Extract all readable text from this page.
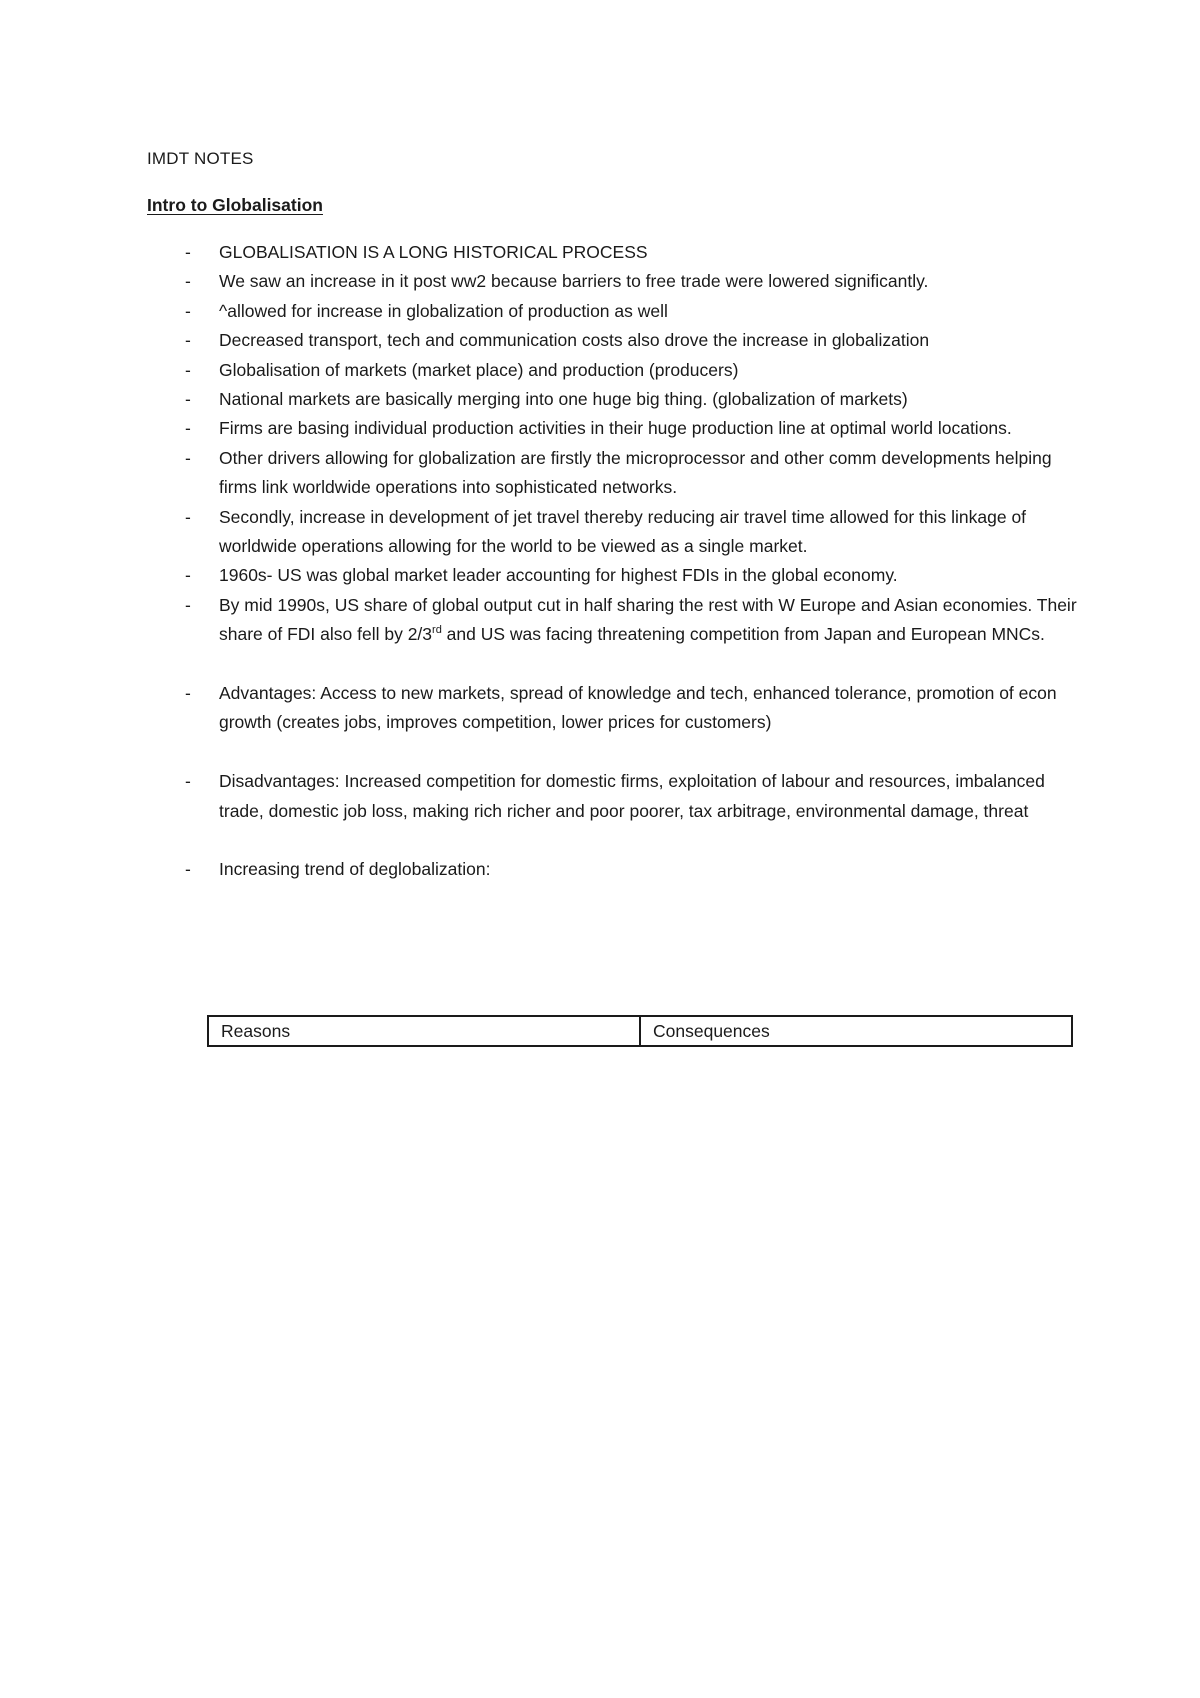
IMDT NOTES
Intro to Globalisation
- GLOBALISATION IS A LONG HISTORICAL PROCESS
- We saw an increase in it post ww2 because barriers to free trade were lowered significantly.
- ^allowed for increase in globalization of production as well
- Decreased transport, tech and communication costs also drove the increase in globalization
- Globalisation of markets (market place) and production (producers)
- National markets are basically merging into one huge big thing. (globalization of markets)
- Firms are basing individual production activities in their huge production line at optimal world locations.
- Other drivers allowing for globalization are firstly the microprocessor and other comm developments helping firms link worldwide operations into sophisticated networks.
- Secondly, increase in development of jet travel thereby reducing air travel time allowed for this linkage of worldwide operations allowing for the world to be viewed as a single market.
- 1960s- US was global market leader accounting for highest FDIs in the global economy.
- By mid 1990s, US share of global output cut in half sharing the rest with W Europe and Asian economies. Their share of FDI also fell by 2/3rd and US was facing threatening competition from Japan and European MNCs.
- Advantages: Access to new markets, spread of knowledge and tech, enhanced tolerance, promotion of econ growth (creates jobs, improves competition, lower prices for customers)
- Disadvantages: Increased competition for domestic firms, exploitation of labour and resources, imbalanced trade, domestic job loss, making rich richer and poor poorer, tax arbitrage, environmental damage, threat
- Increasing trend of deglobalization:
Reasons	Consequences
